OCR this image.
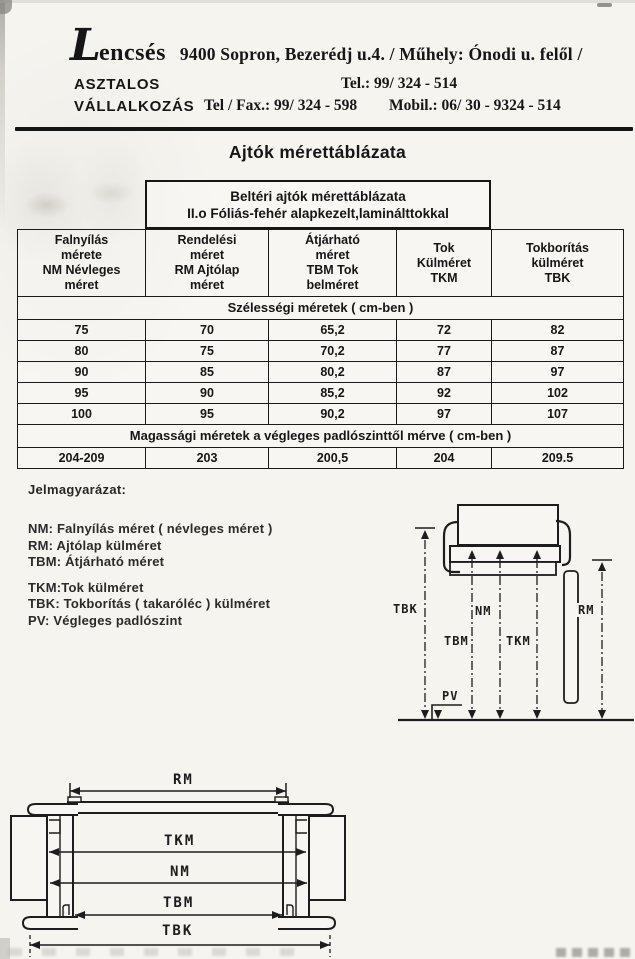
L encsés 9400 Sopron, Bezerédj u.4. / Műhely: Ónodi u. felől /
ASZTALOS
VÁLLALKOZÁS
Tel.: 99/ 324 - 514
Tel / Fax.: 99/ 324 - 598 Mobil.: 06/ 30 - 9324 - 514
Ajtók mérettáblázata
Beltéri ajtók mérettáblázata
II.o Fóliás-fehér alapkezelt,laminálttokkal
Falnyílás
mérete
NM Névleges
méret	Rendelési
méret
RM Ajtólap
méret	Átjárható
méret
TBM Tok
belméret	Tok
Külméret
TKM	Tokborítás
külméret
TBK
Szélességi méretek ( cm-ben )				
75	70	65,2	72	82
80	75	70,2	77	87
90	85	80,2	87	97
95	90	85,2	92	102
100	95	90,2	97	107
Magassági méretek a végleges padlószinttől mérve ( cm-ben )				
204-209	203	200,5	204	209.5
Jelmagyarázat:
NM: Falnyílás méret ( névleges méret )
RM: Ajtólap külméret
TBM: Átjárható méret
TKM:Tok külméret
TBK: Tokborítás ( takaróléc ) külméret
PV: Végleges padlószint
TBK
TBM
NM
TKM
RM
PV
RM
TKM
NM
TBM
TBK
